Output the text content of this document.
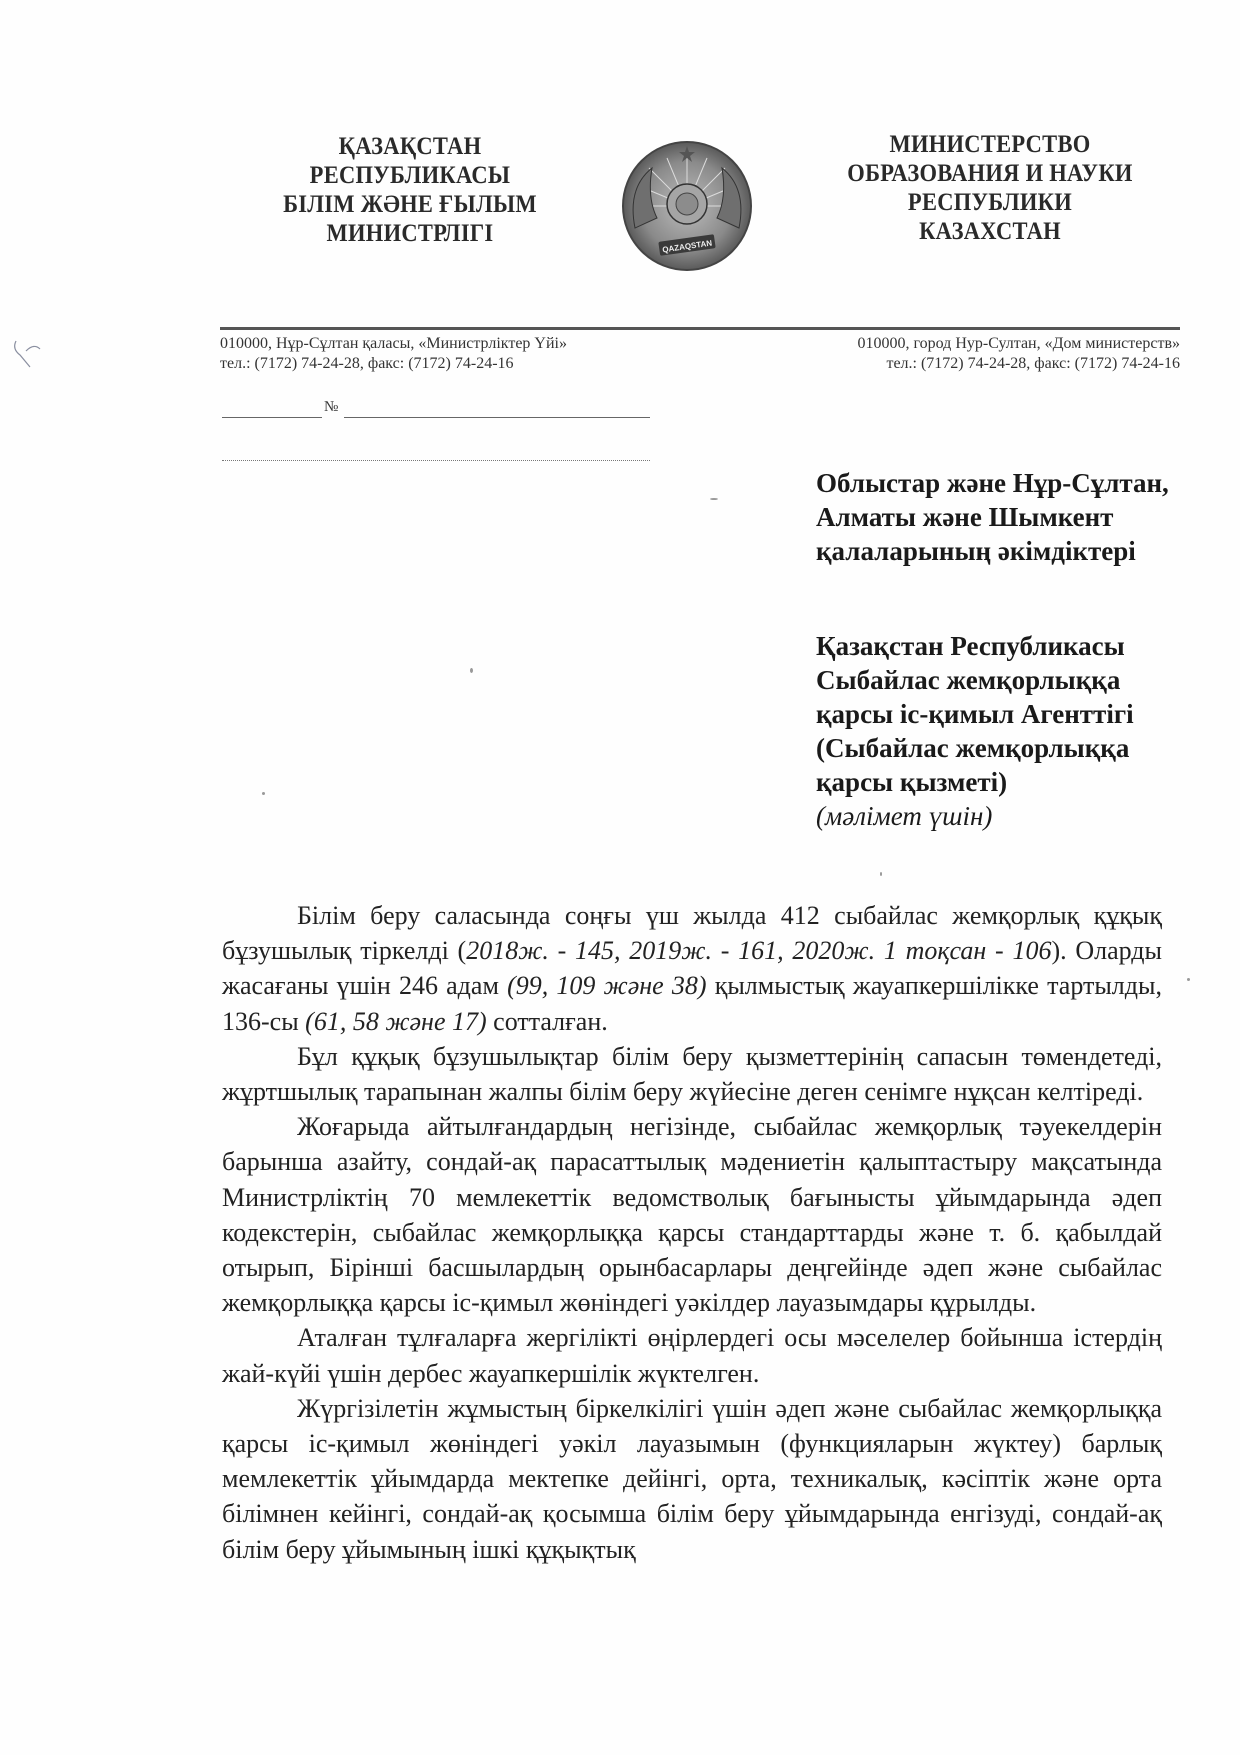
ҚАЗАҚСТАН
РЕСПУБЛИКАСЫ
БІЛІМ ЖӘНЕ ҒЫЛЫМ
МИНИСТРЛІГІ	QAZAQSTAN
МИНИСТЕРСТВО
ОБРАЗОВАНИЯ И НАУКИ
РЕСПУБЛИКИ
КАЗАХСТАН
010000, Нұр-Сұлтан қаласы, «Министрліктер Үйі»
тел.: (7172) 74-24-28, факс: (7172) 74-24-16
010000, город Нур-Султан, «Дом министерств»
тел.: (7172) 74-24-28, факс: (7172) 74-24-16
№
Облыстар және Нұр-Сұлтан,
Алматы және Шымкент
қалаларының әкімдіктері
Қазақстан Республикасы
Сыбайлас жемқорлыққа
қарсы іс-қимыл Агенттігі
(Сыбайлас жемқорлыққа
қарсы қызметі)
(мәлімет үшін)

Білім беру саласында соңғы үш жылда 412 сыбайлас жемқорлық құқық бұзушылық тіркелді (2018ж. - 145, 2019ж. - 161, 2020ж. 1 тоқсан - 106). Оларды жасағаны үшін 246 адам (99, 109 және 38) қылмыстық жауапкершілікке тартылды, 136-сы (61, 58 және 17) сотталған.

Бұл құқық бұзушылықтар білім беру қызметтерінің сапасын төмендетеді, жұртшылық тарапынан жалпы білім беру жүйесіне деген сенімге нұқсан келтіреді.

Жоғарыда айтылғандардың негізінде, сыбайлас жемқорлық тәуекелдерін барынша азайту, сондай-ақ парасаттылық мәдениетін қалыптастыру мақсатында Министрліктің 70 мемлекеттік ведомстволық бағынысты ұйымдарында әдеп кодекстерін, сыбайлас жемқорлыққа қарсы стандарттарды және т. б. қабылдай отырып, Бірінші басшылардың орынбасарлары деңгейінде әдеп және сыбайлас жемқорлыққа қарсы іс-қимыл жөніндегі уәкілдер лауазымдары құрылды.

Аталған тұлғаларға жергілікті өңірлердегі осы мәселелер бойынша істердің жай-күйі үшін дербес жауапкершілік жүктелген.

Жүргізілетін жұмыстың біркелкілігі үшін әдеп және сыбайлас жемқорлыққа қарсы іс-қимыл жөніндегі уәкіл лауазымын (функцияларын жүктеу) барлық мемлекеттік ұйымдарда мектепке дейінгі, орта, техникалық, кәсіптік және орта білімнен кейінгі, сондай-ақ қосымша білім беру ұйымдарында енгізуді, сондай-ақ білім беру ұйымының ішкі құқықтық
